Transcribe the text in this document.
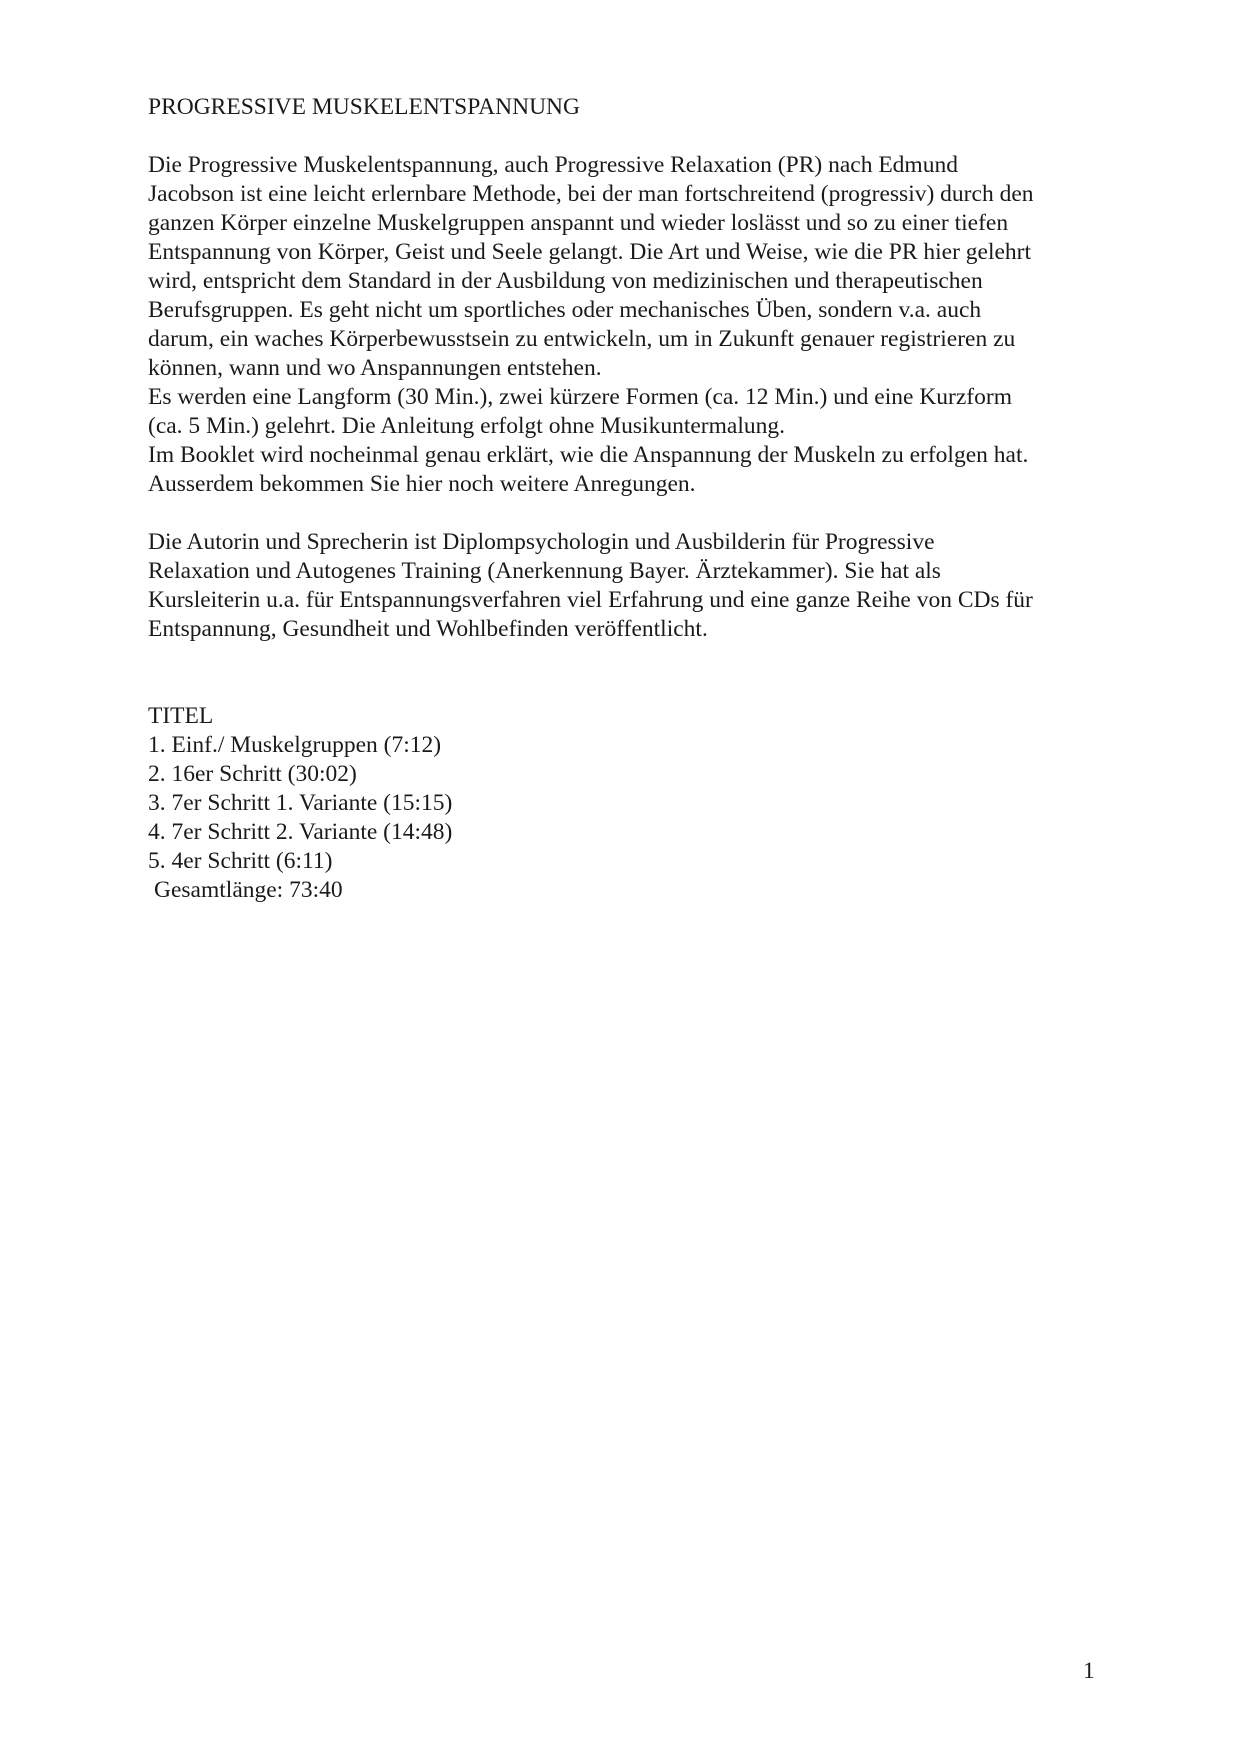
PROGRESSIVE MUSKELENTSPANNUNG
Die Progressive Muskelentspannung, auch Progressive Relaxation (PR) nach Edmund
Jacobson ist eine leicht erlernbare Methode, bei der man fortschreitend (progressiv) durch den
ganzen Körper einzelne Muskelgruppen anspannt und wieder loslässt und so zu einer tiefen
Entspannung von Körper, Geist und Seele gelangt. Die Art und Weise, wie die PR hier gelehrt
wird, entspricht dem Standard in der Ausbildung von medizinischen und therapeutischen
Berufsgruppen. Es geht nicht um sportliches oder mechanisches Üben, sondern v.a. auch
darum, ein waches Körperbewusstsein zu entwickeln, um in Zukunft genauer registrieren zu
können, wann und wo Anspannungen entstehen.
Es werden eine Langform (30 Min.), zwei kürzere Formen (ca. 12 Min.) und eine Kurzform
(ca. 5 Min.) gelehrt. Die Anleitung erfolgt ohne Musikuntermalung.
Im Booklet wird nocheinmal genau erklärt, wie die Anspannung der Muskeln zu erfolgen hat.
Ausserdem bekommen Sie hier noch weitere Anregungen.
Die Autorin und Sprecherin ist Diplompsychologin und Ausbilderin für Progressive
Relaxation und Autogenes Training (Anerkennung Bayer. Ärztekammer). Sie hat als
Kursleiterin u.a. für Entspannungsverfahren viel Erfahrung und eine ganze Reihe von CDs für
Entspannung, Gesundheit und Wohlbefinden veröffentlicht.
TITEL
1. Einf./ Muskelgruppen (7:12)
2. 16er Schritt (30:02)
3. 7er Schritt 1. Variante (15:15)
4. 7er Schritt 2. Variante (14:48)
5. 4er Schritt (6:11)
Gesamtlänge: 73:40
1
